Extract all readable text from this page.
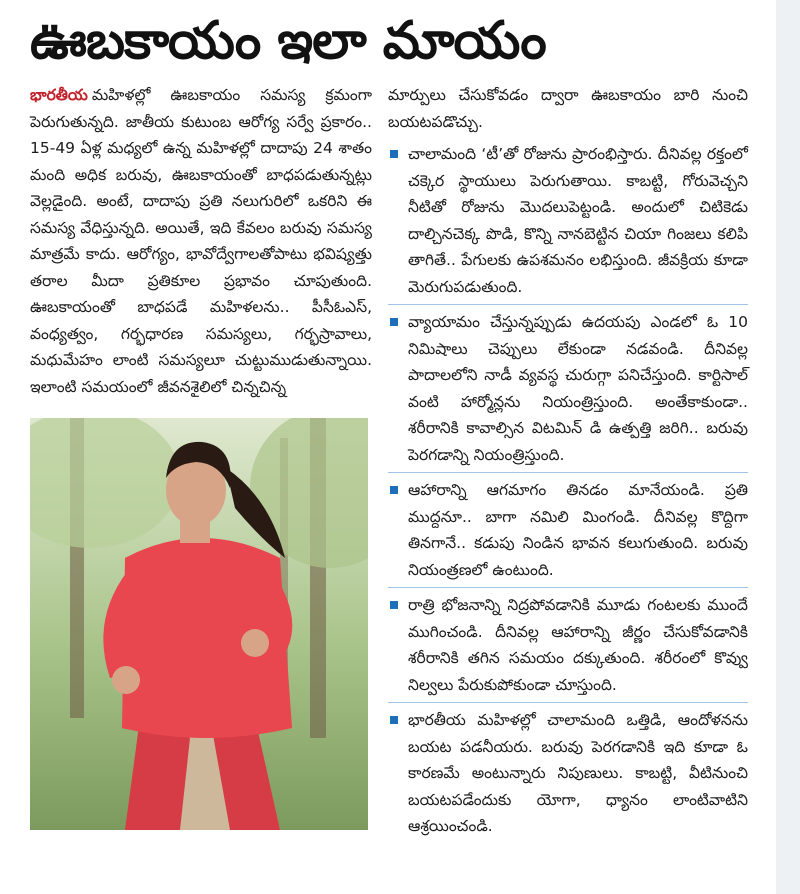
ఊబకాయం ఇలా మాయం

భారతీయ మహిళల్లో ఊబకాయం సమస్య క్రమంగా పెరుగుతున్నది. జాతీయ కుటుంబ ఆరోగ్య సర్వే ప్రకారం.. 15-49 ఏళ్ల మధ్యలో ఉన్న మహిళల్లో దాదాపు 24 శాతం మంది అధిక బరువు, ఊబకాయంతో బాధపడుతున్నట్లు వెల్లడైంది. అంటే, దాదాపు ప్రతి నలుగురిలో ఒకరిని ఈ సమస్య వేధిస్తున్నది. అయితే, ఇది కేవలం బరువు సమస్య మాత్రమే కాదు. ఆరోగ్యం, భావోద్వేగాలతోపాటు భవిష్యత్తు తరాల మీదా ప్రతికూల ప్రభావం చూపుతుంది. ఊబకాయంతో బాధపడే మహిళలను.. పీసీఓఎస్, వంధ్యత్వం, గర్భధారణ సమస్యలు, గర్భస్రావాలు, మధుమేహం లాంటి సమస్యలూ చుట్టుముడుతున్నాయి. ఇలాంటి సమయంలో జీవనశైలిలో చిన్నచిన్న

మార్పులు చేసుకోవడం ద్వారా ఊబకాయం బారి నుంచి బయటపడొచ్చు.

చాలామంది ‘టీ’తో రోజును ప్రారంభిస్తారు. దీనివల్ల రక్తంలో చక్కెర స్థాయులు పెరుగుతాయి. కాబట్టి, గోరువెచ్చని నీటితో రోజును మొదలుపెట్టండి. అందులో చిటికెడు దాల్చినచెక్క పొడి, కొన్ని నానబెట్టిన చియా గింజలు కలిపి తాగితే.. పేగులకు ఉపశమనం లభిస్తుంది. జీవక్రియ కూడా మెరుగుపడుతుంది.

వ్యాయామం చేస్తున్నప్పుడు ఉదయపు ఎండలో ఓ 10 నిమిషాలు చెప్పులు లేకుండా నడవండి. దీనివల్ల పాదాలలోని నాడీ వ్యవస్థ చురుగ్గా పనిచేస్తుంది. కార్టిసాల్ వంటి హార్మోన్లను నియంత్రిస్తుంది. అంతేకాకుండా.. శరీరానికి కావాల్సిన విటమిన్ డి ఉత్పత్తి జరిగి.. బరువు పెరగడాన్ని నియంత్రిస్తుంది.

ఆహారాన్ని ఆగమాగం తినడం మానేయండి. ప్రతి ముద్దనూ.. బాగా నమిలి మింగండి. దీనివల్ల కొద్దిగా తినగానే.. కడుపు నిండిన భావన కలుగుతుంది. బరువు నియంత్రణలో ఉంటుంది.

రాత్రి భోజనాన్ని నిద్రపోవడానికి మూడు గంటలకు ముందే ముగించండి. దీనివల్ల ఆహారాన్ని జీర్ణం చేసుకోవడానికి శరీరానికి తగిన సమయం దక్కుతుంది. శరీరంలో కొవ్వు నిల్వలు పేరుకుపోకుండా చూస్తుంది.

భారతీయ మహిళల్లో చాలామంది ఒత్తిడి, ఆందోళనను బయట పడనీయరు. బరువు పెరగడానికి ఇది కూడా ఓ కారణమే అంటున్నారు నిపుణులు. కాబట్టి, వీటినుంచి బయటపడేందుకు యోగా, ధ్యానం లాంటివాటిని ఆశ్రయించండి.
